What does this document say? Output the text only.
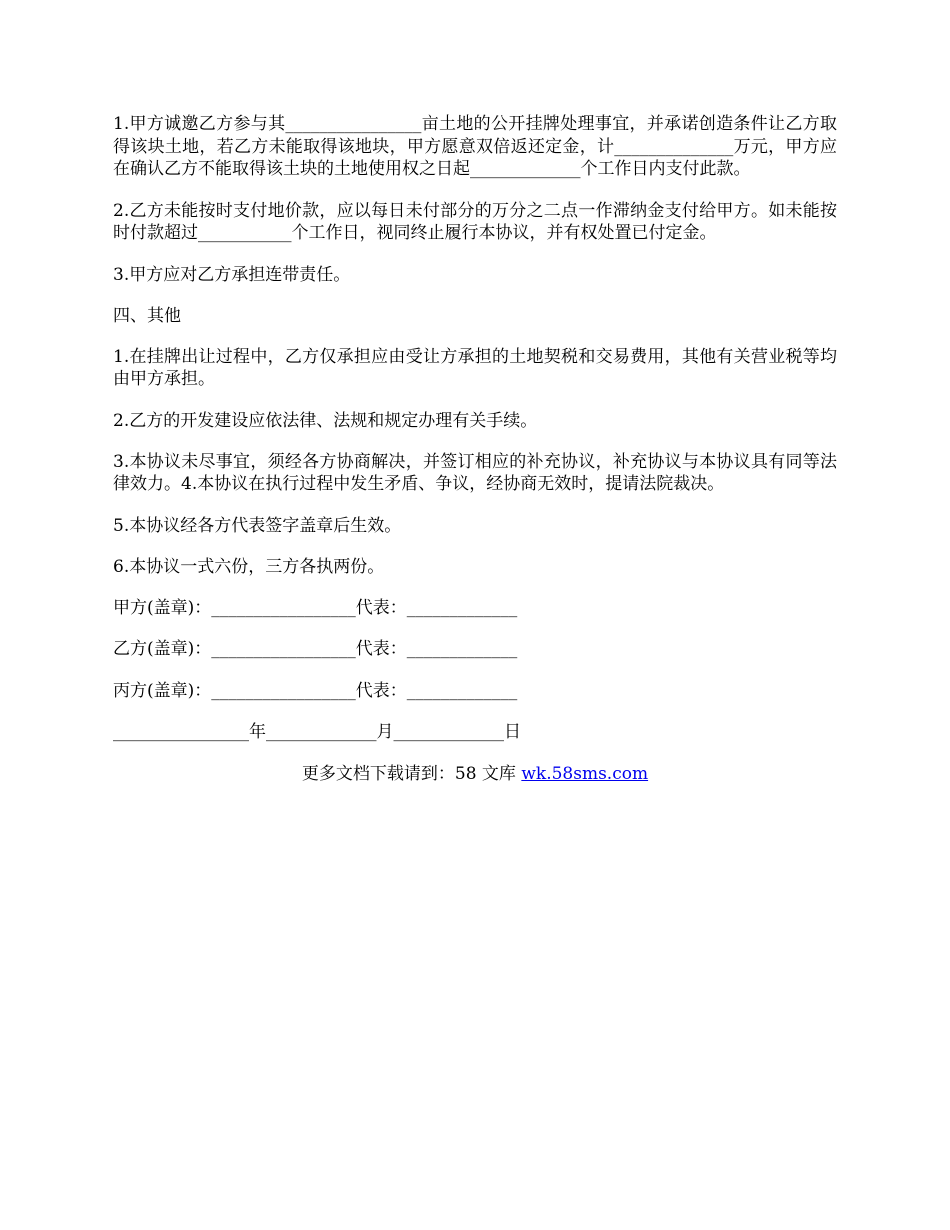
1.甲方诚邀乙方参与其________________亩土地的公开挂牌处理事宜，并承诺创造条件让乙方取得该块土地，若乙方未能取得该地块，甲方愿意双倍返还定金，计______________万元，甲方应在确认乙方不能取得该土块的土地使用权之日起_____________个工作日内支付此款。

2.乙方未能按时支付地价款，应以每日未付部分的万分之二点一作滞纳金支付给甲方。如未能按时付款超过___________个工作日，视同终止履行本协议，并有权处置已付定金。

3.甲方应对乙方承担连带责任。

四、其他

1.在挂牌出让过程中，乙方仅承担应由受让方承担的土地契税和交易费用，其他有关营业税等均由甲方承担。

2.乙方的开发建设应依法律、法规和规定办理有关手续。

3.本协议未尽事宜，须经各方协商解决，并签订相应的补充协议，补充协议与本协议具有同等法律效力。4.本协议在执行过程中发生矛盾、争议，经协商无效时，提请法院裁决。

5.本协议经各方代表签字盖章后生效。

6.本协议一式六份，三方各执两份。

甲方(盖章)：_________________代表：_____________
乙方(盖章)：_________________代表：_____________
丙方(盖章)：_________________代表：_____________
________________年_____________月_____________日
更多文档下载请到：58 文库 wk.58sms.com
